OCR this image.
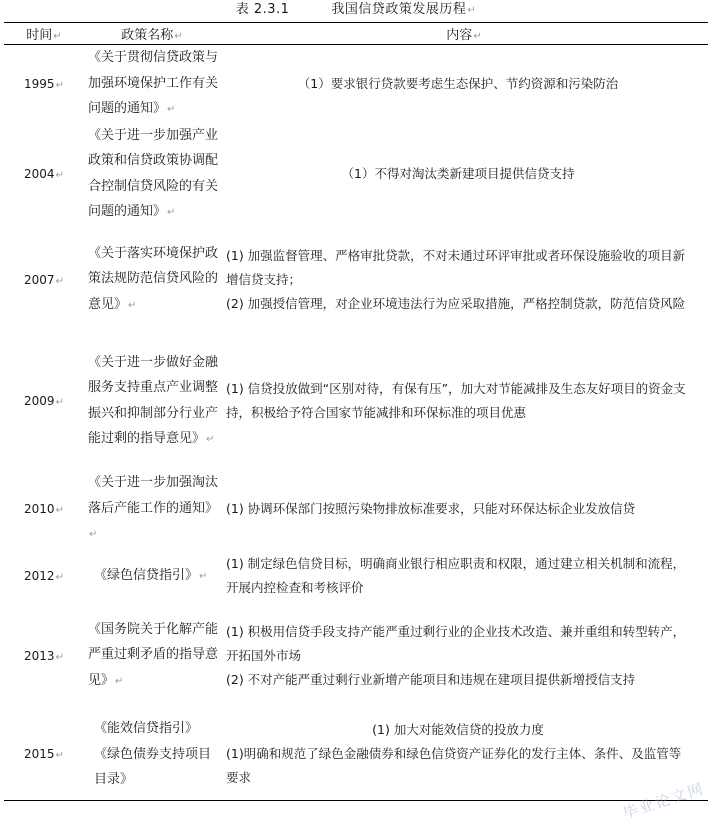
表 2.3.1	我国信贷政策发展历程↵
时间↵	政策名称↵	内容↵
1995↵	《关于贯彻信贷政策与加强环境保护工作有关问题的通知》↵	（1）要求银行贷款要考虑生态保护、节约资源和污染防治

2004↵	《关于进一步加强产业政策和信贷政策协调配合控制信贷风险的有关问题的通知》↵	（1）不得对淘汰类新建项目提供信贷支持

2007↵	《关于落实环境保护政策法规防范信贷风险的意见》↵	(1) 加强监督管理、严格审批贷款，不对未通过环评审批或者环保设施验收的项目新增信贷支持；
(2) 加强授信管理，对企业环境违法行为应采取措施，严格控制贷款，防范信贷风险

2009↵	《关于进一步做好金融服务支持重点产业调整振兴和抑制部分行业产能过剩的指导意见》↵	(1) 信贷投放做到“区别对待，有保有压”，加大对节能减排及生态友好项目的资金支持，积极给予符合国家节能减排和环保标准的项目优惠

2010↵	《关于进一步加强淘汰落后产能工作的通知》↵	(1) 协调环保部门按照污染物排放标准要求，只能对环保达标企业发放信贷

2012↵	《绿色信贷指引》↵	(1) 制定绿色信贷目标，明确商业银行相应职责和权限，通过建立相关机制和流程，开展内控检查和考核评价

2013↵	《国务院关于化解产能严重过剩矛盾的指导意见》↵	(1) 积极用信贷手段支持产能严重过剩行业的企业技术改造、兼并重组和转型转产，开拓国外市场
(2) 不对产能严重过剩行业新增产能项目和违规在建项目提供新增授信支持

2015↵	《能效信贷指引》 《绿色债券支持项目目录》	(1) 加大对能效信贷的投放力度
(1)明确和规范了绿色金融债券和绿色信贷资产证券化的发行主体、条件、及监管等要求
毕业论文网
